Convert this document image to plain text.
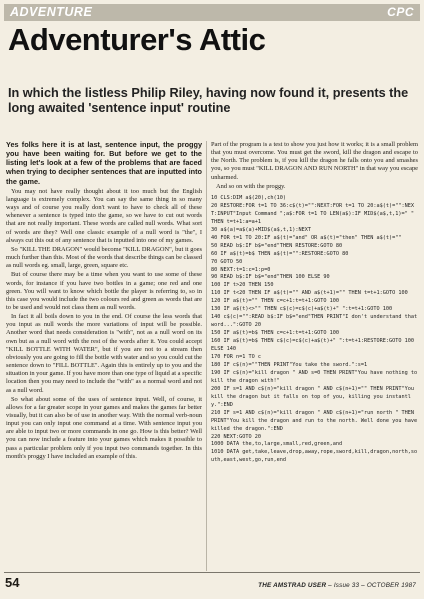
ADVENTURE	CPC
Adventurer's Attic

In which the listless Philip Riley, having now found it, presents the long awaited 'sentence input' routine

Yes folks here it is at last, sentence input, the proggy you have been waiting for. But before we get to the listing let's look at a few of the problems that are faced when trying to decipher sentences that are inputted into the game.

You may not have really thought about it too much but the English language is extremely complex. You can say the same thing in so many ways and of course you really don't want to have to check all of these whenever a sentence is typed into the game, so we have to cut out words that are not really important. These words are called null words. What sort of words are they? Well one classic example of a null word is "the", I always cut this out of any sentence that is inputted into one of my games.

So "KILL THE DRAGON" would become "KILL DRAGON", but it goes much further than this. Most of the words that describe things can be classed as null words eg. small, large, green, square etc.

But of course there may be a time when you want to use some of these words, for instance if you have two bottles in a game; one red and one green. You will want to know which bottle the player is referring to, so in this case you would include the two colours red and green as words that are to be used and would not class them as null words.

In fact it all boils down to you in the end. Of course the less words that you input as null words the more variations of input will be possible. Another word that needs consideration is "with", not as a null word on its own but as a null word with the rest of the words after it. You could accept "KILL BOTTLE WITH WATER", but if you are not to a stream then obviously you are going to fill the bottle with water and so you could cut the sentence down to "FILL BOTTLE". Again this is entirely up to you and the situation in your game. If you have more than one type of liquid at a specific location then you may need to include the "with" as a normal word and not as a null word.

So what about some of the uses of sentence input. Well, of course, it allows for a far greater scope in your games and makes the games far better visually, but it can also be of use in another way. With the normal verb-noun input you can only input one command at a time. With sentence input you are able to input two or more commands in one go. How is this better? Well you can now include a feature into your games which makes it possible to pass a particular problem only if you input two commands together. In this month's proggy I have included an example of this.

Part of the program is a test to show you just how it works; it is a small problem that you must overcome. You must get the sword, kill the dragon and escape to the North. The problem is, if you kill the dragon he falls onto you and smashes you, so you must "KILL DRAGON AND RUN NORTH" in that way you escape unharmed.

And so on with the proggy.

10 CLS:DIM a$(20),ch(10)
20 RESTORE:FOR t=1 TO 36:c$(t)="":NEXT:FOR t=1 TO 20:a$(t)="":NEXT:INPUT"Input Command ";a$:FOR t=1 TO LEN(a$):IF MID$(a$,t,1)=" " THEN t=t+1:a=a+1
30 a$(a)=a$(a)+MID$(a$,t,1):NEXT
40 FOR t=1 TO 20:IF a$(t)="and" OR a$(t)="then" THEN a$(t)=""
50 READ b$:IF b$="end"THEN RESTORE:GOTO 80
60 IF a$(t)=b$ THEN a$(t)="":RESTORE:GOTO 80
70 GOTO 50
80 NEXT:t=1:c=1:p=0
90 READ b$:IF b$="end"THEN 100 ELSE 90
100 IF t>20 THEN 150
110 IF t<20 THEN IF a$(t)="" AND a$(t+1)="" THEN t=t+1:GOTO 100
120 IF a$(t)="" THEN c=c+1:t=t+1:GOTO 100
130 IF a$(t)<>"" THEN c$(c)=c$(c)+a$(t)+" ":t=t+1:GOTO 100
140 c$(c)="":READ b$:IF b$="end"THEN PRINT"I don't understand that word...":GOTO 20
150 IF a$(t)=b$ THEN c=c+1:t=t+1:GOTO 100
160 IF a$(t)=b$ THEN c$(c)=c$(c)+a$(t)+" ":t=t+1:RESTORE:GOTO 100 ELSE 140
170 FOR n=1 TO c
180 IF c$(n)=""THEN PRINT"You take the sword.":s=1
190 IF c$(n)="kill dragon " AND s=0 THEN PRINT"You have nothing to kill the dragon with!"
200 IF s=1 AND c$(n)="kill dragon " AND c$(n+1)="" THEN PRINT"You kill the dragon but it falls on top of you, killing you instantly.":END
210 IF s=1 AND c$(n)="kill dragon " AND c$(n+1)="run north " THEN PRINT"You kill the dragon and run to the north. Well done you have killed the dragon.":END
220 NEXT:GOTO 20
1000 DATA the,to,large,small,red,green,and
1010 DATA get,take,leave,drop,away,rope,sword,kill,dragon,north,south,east,west,go,run,end
54	THE AMSTRAD USER – Issue 33 – OCTOBER 1987
